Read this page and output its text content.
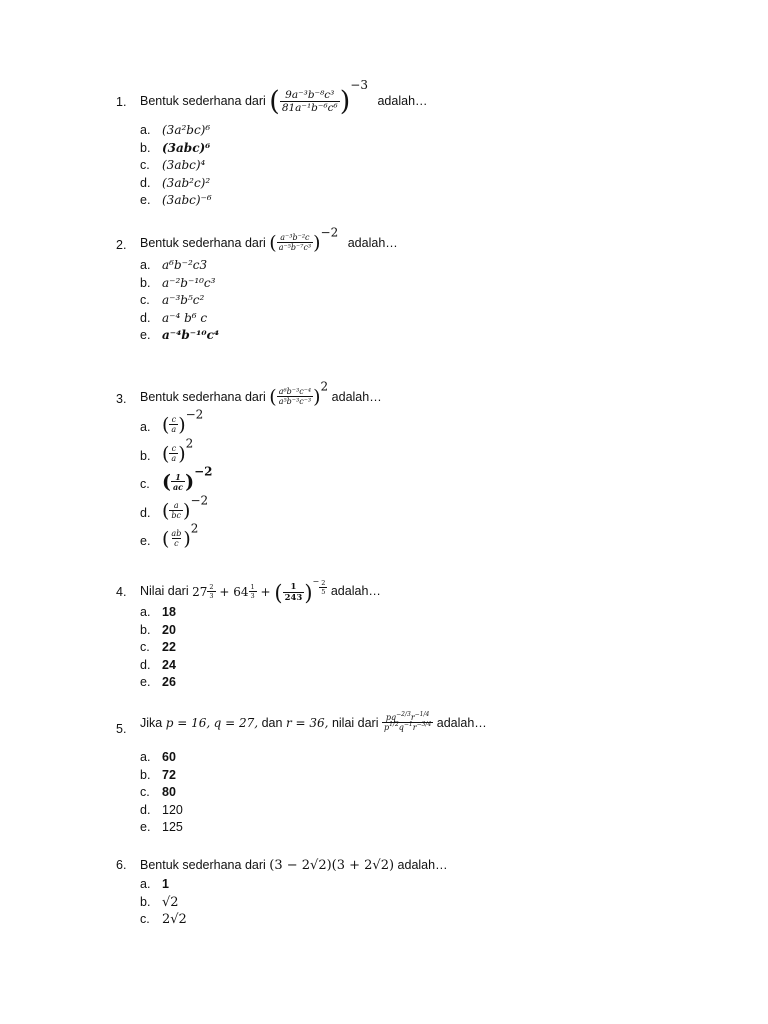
1.	Bentuk sederhana dari ( $\frac{\text{9a⁻³b⁻⁸c³}}{\text{81a⁻¹b⁻⁶c⁶}} )^{-3}$ adalah…
a. (3a²bc)⁶
b. (3abc)⁶
c.	(3abc)⁴
d. (3ab²c)²
e. (3abc)⁻⁶
2.	Bentuk sederhana dari ( $\frac{\text{a⁻³b⁻²c}}{\text{a⁻⁵b⁻⁷c³}} )^{-2}$ adalah…
a. a⁶b⁻²c3
b. a⁻²b⁻¹⁰c³
c.	a⁻³b⁵c²
d. a⁻⁴ b⁶ c
e. a⁻⁴b⁻¹⁰c⁴
3.	Bentuk sederhana dari ( $\frac{\text{a⁶b⁻³c⁻⁴}}{\text{a⁵b⁻³c⁻³}} )^2$ adalah…
a. ( $\frac{c}{a} )^{-2}$
b. ( $\frac{c}{a} )^2$
c. ( $\frac{1}{ac} )^{-2}$
d. ( $\frac{a}{bc} )^{-2}$
e. ( $\frac{ab}{c} )^2$
4.	Nilai dari $27 \frac{2}{3} + 64 \frac{1}{3}$ + ( $\frac{1}{243} )^- \frac{2}{5}$ adalah…
a. 18
b. 20
c. 22
d. 24
e. 26
5.	Jika p = 16, q = 27, dan r = 36, nilai dari $\frac{pq^{-2/3}r^{-1/4}}{p^{1/2}q^{-1}r^{-3/4}}$ adalah…
a. 60
b. 72
c. 80
d. 120
e. 125
6.	Bentuk sederhana dari (3 − 2√2)(3 + 2√2) adalah…
a. 1
b. √2
c. 2√2
